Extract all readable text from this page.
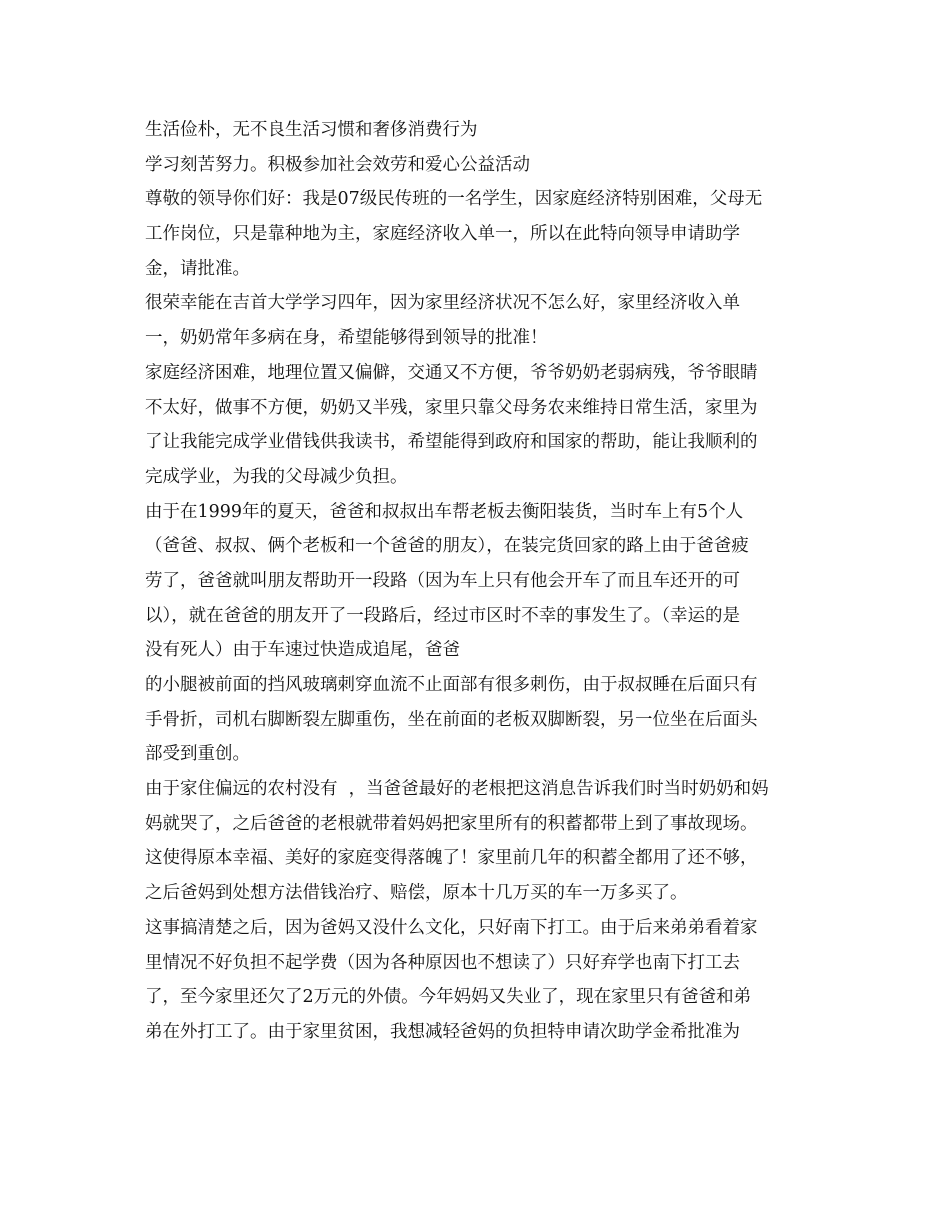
生活俭朴，无不良生活习惯和奢侈消费行为

学习刻苦努力。积极参加社会效劳和爱心公益活动

尊敬的领导你们好：我是07级民传班的一名学生，因家庭经济特别困难，父母无

工作岗位，只是靠种地为主，家庭经济收入单一，所以在此特向领导申请助学

金，请批准。

很荣幸能在吉首大学学习四年，因为家里经济状况不怎么好，家里经济收入单

一，奶奶常年多病在身，希望能够得到领导的批准！

家庭经济困难，地理位置又偏僻，交通又不方便，爷爷奶奶老弱病残，爷爷眼睛

不太好，做事不方便，奶奶又半残，家里只靠父母务农来维持日常生活，家里为

了让我能完成学业借钱供我读书，希望能得到政府和国家的帮助，能让我顺利的

完成学业，为我的父母减少负担。

由于在1999年的夏天，爸爸和叔叔出车帮老板去衡阳装货，当时车上有5个人

（爸爸、叔叔、俩个老板和一个爸爸的朋友），在装完货回家的路上由于爸爸疲

劳了，爸爸就叫朋友帮助开一段路（因为车上只有他会开车了而且车还开的可

以），就在爸爸的朋友开了一段路后，经过市区时不幸的事发生了。（幸运的是

没有死人）由于车速过快造成追尾，爸爸

的小腿被前面的挡风玻璃刺穿血流不止面部有很多刺伤，由于叔叔睡在后面只有

手骨折，司机右脚断裂左脚重伤，坐在前面的老板双脚断裂，另一位坐在后面头

部受到重创。

由于家住偏远的农村没有  ，当爸爸最好的老根把这消息告诉我们时当时奶奶和妈

妈就哭了，之后爸爸的老根就带着妈妈把家里所有的积蓄都带上到了事故现场。

这使得原本幸福、美好的家庭变得落魄了！家里前几年的积蓄全都用了还不够，

之后爸妈到处想方法借钱治疗、赔偿，原本十几万买的车一万多买了。

这事搞清楚之后，因为爸妈又没什么文化，只好南下打工。由于后来弟弟看着家

里情况不好负担不起学费（因为各种原因也不想读了）只好弃学也南下打工去

了，至今家里还欠了2万元的外债。今年妈妈又失业了，现在家里只有爸爸和弟

弟在外打工了。由于家里贫困，我想减轻爸妈的负担特申请次助学金希批准为
